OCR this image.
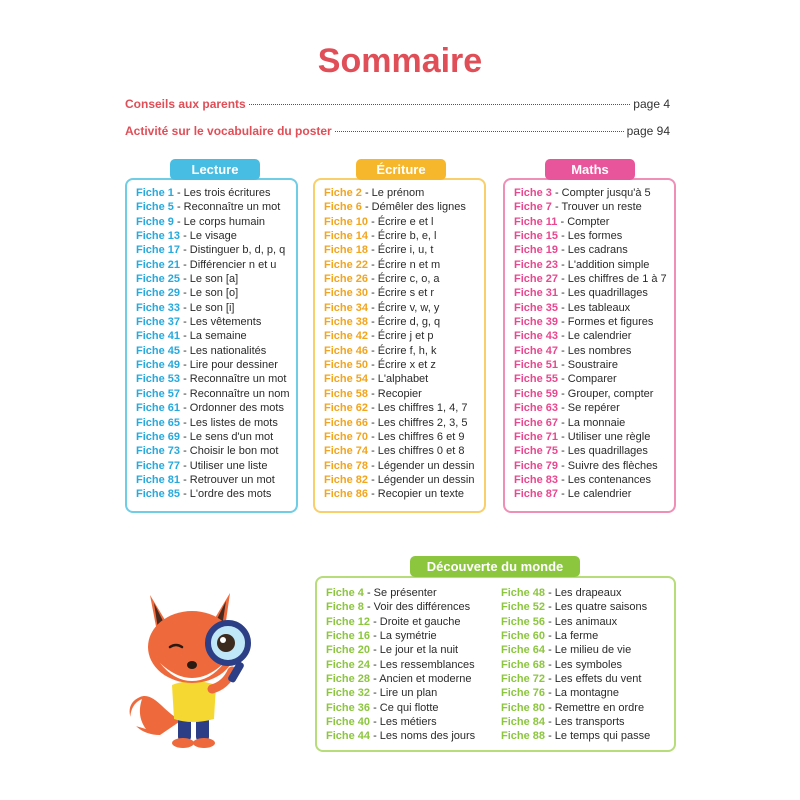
Sommaire
Conseils aux parents	page 4
Activité sur le vocabulaire du poster	page 94
Lecture
Fiche 1 - Les trois écritures
Fiche 5 - Reconnaître un mot
Fiche 9 - Le corps humain
Fiche 13 - Le visage
Fiche 17 - Distinguer b, d, p, q
Fiche 21 - Différencier n et u
Fiche 25 - Le son [a]
Fiche 29 - Le son [o]
Fiche 33 - Le son [i]
Fiche 37 - Les vêtements
Fiche 41 - La semaine
Fiche 45 - Les nationalités
Fiche 49 - Lire pour dessiner
Fiche 53 - Reconnaître un mot
Fiche 57 - Reconnaître un nom
Fiche 61 - Ordonner des mots
Fiche 65 - Les listes de mots
Fiche 69 - Le sens d'un mot
Fiche 73 - Choisir le bon mot
Fiche 77 - Utiliser une liste
Fiche 81 - Retrouver un mot
Fiche 85 - L'ordre des mots
Écriture
Fiche 2 - Le prénom
Fiche 6 - Démêler des lignes
Fiche 10 - Écrire e et l
Fiche 14 - Écrire b, e, l
Fiche 18 - Écrire i, u, t
Fiche 22 - Écrire n et m
Fiche 26 - Écrire c, o, a
Fiche 30 - Écrire s et r
Fiche 34 - Écrire v, w, y
Fiche 38 - Écrire d, g, q
Fiche 42 - Écrire j et p
Fiche 46 - Écrire f, h, k
Fiche 50 - Écrire x et z
Fiche 54 - L'alphabet
Fiche 58 - Recopier
Fiche 62 - Les chiffres 1, 4, 7
Fiche 66 - Les chiffres 2, 3, 5
Fiche 70 - Les chiffres 6 et 9
Fiche 74 - Les chiffres 0 et 8
Fiche 78 - Légender un dessin
Fiche 82 - Légender un dessin
Fiche 86 - Recopier un texte
Maths
Fiche 3 - Compter jusqu'à 5
Fiche 7 - Trouver un reste
Fiche 11 - Compter
Fiche 15 - Les formes
Fiche 19 - Les cadrans
Fiche 23 - L'addition simple
Fiche 27 - Les chiffres de 1 à 7
Fiche 31 - Les quadrillages
Fiche 35 - Les tableaux
Fiche 39 - Formes et figures
Fiche 43 - Le calendrier
Fiche 47 - Les nombres
Fiche 51 - Soustraire
Fiche 55 - Comparer
Fiche 59 - Grouper, compter
Fiche 63 - Se repérer
Fiche 67 - La monnaie
Fiche 71 - Utiliser une règle
Fiche 75 - Les quadrillages
Fiche 79 - Suivre des flèches
Fiche 83 - Les contenances
Fiche 87 - Le calendrier
Découverte du monde
Fiche 4 - Se présenter
Fiche 8 - Voir des différences
Fiche 12 - Droite et gauche
Fiche 16 - La symétrie
Fiche 20 - Le jour et la nuit
Fiche 24 - Les ressemblances
Fiche 28 - Ancien et moderne
Fiche 32 - Lire un plan
Fiche 36 - Ce qui flotte
Fiche 40 - Les métiers
Fiche 44 - Les noms des jours
Fiche 48 - Les drapeaux
Fiche 52 - Les quatre saisons
Fiche 56 - Les animaux
Fiche 60 - La ferme
Fiche 64 - Le milieu de vie
Fiche 68 - Les symboles
Fiche 72 - Les effets du vent
Fiche 76 - La montagne
Fiche 80 - Remettre en ordre
Fiche 84 - Les transports
Fiche 88 - Le temps qui passe
